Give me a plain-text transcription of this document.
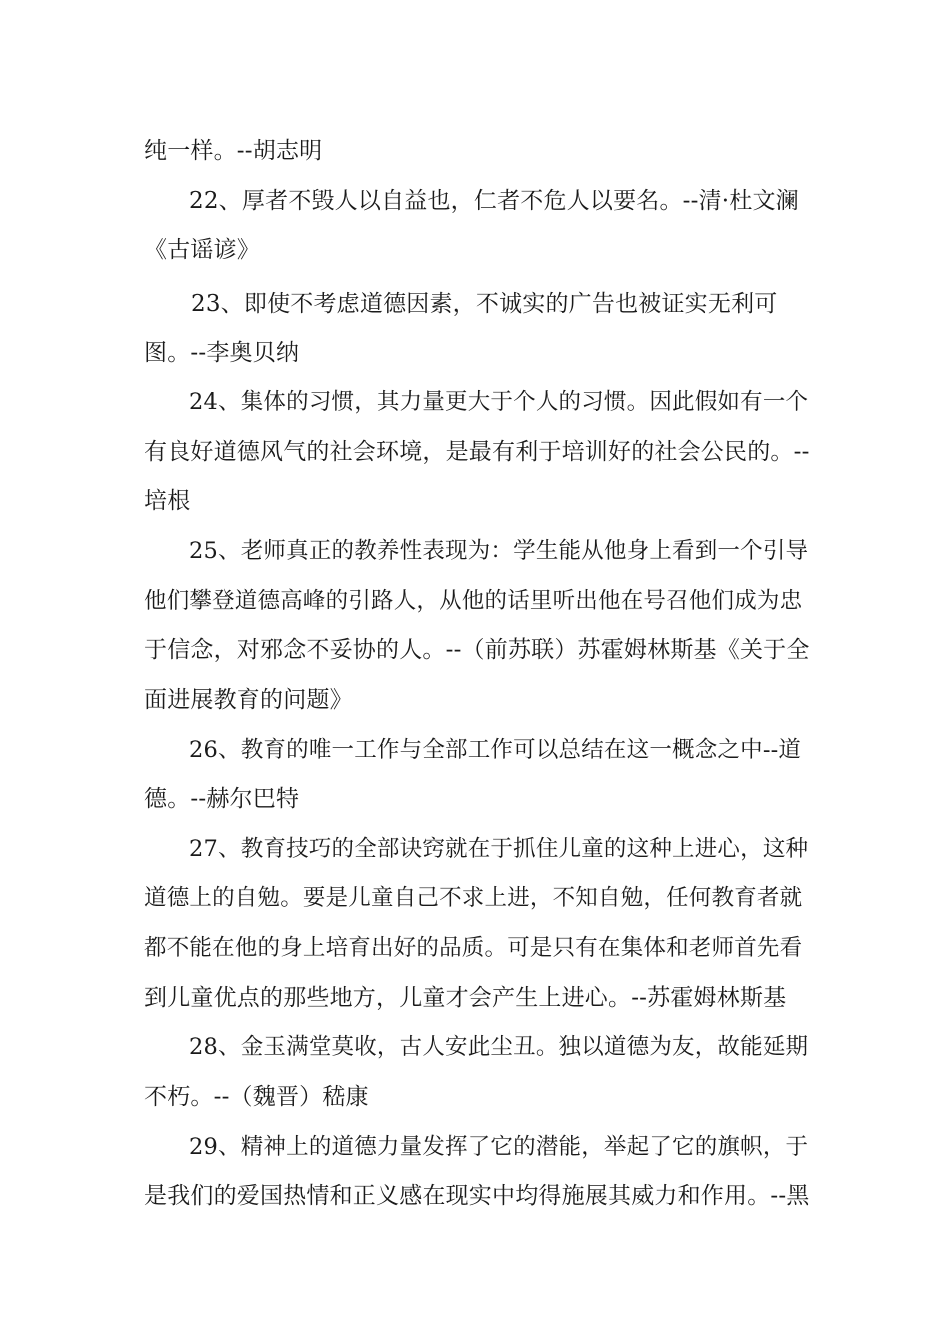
纯一样。--胡志明
22、厚者不毁人以自益也，仁者不危人以要名。--清·杜文澜
《古谣谚》
23、即使不考虑道德因素，不诚实的广告也被证实无利可
图。--李奥贝纳
24、集体的习惯，其力量更大于个人的习惯。因此假如有一个
有良好道德风气的社会环境，是最有利于培训好的社会公民的。--
培根
25、老师真正的教养性表现为：学生能从他身上看到一个引导
他们攀登道德高峰的引路人，从他的话里听出他在号召他们成为忠
于信念，对邪念不妥协的人。--（前苏联）苏霍姆林斯基《关于全
面进展教育的问题》
26、教育的唯一工作与全部工作可以总结在这一概念之中--道
德。--赫尔巴特
27、教育技巧的全部诀窍就在于抓住儿童的这种上进心，这种
道德上的自勉。要是儿童自己不求上进，不知自勉，任何教育者就
都不能在他的身上培育出好的品质。可是只有在集体和老师首先看
到儿童优点的那些地方，儿童才会产生上进心。--苏霍姆林斯基
28、金玉满堂莫收，古人安此尘丑。独以道德为友，故能延期
不朽。--（魏晋）嵇康
29、精神上的道德力量发挥了它的潜能，举起了它的旗帜，于
是我们的爱国热情和正义感在现实中均得施展其威力和作用。--黑
